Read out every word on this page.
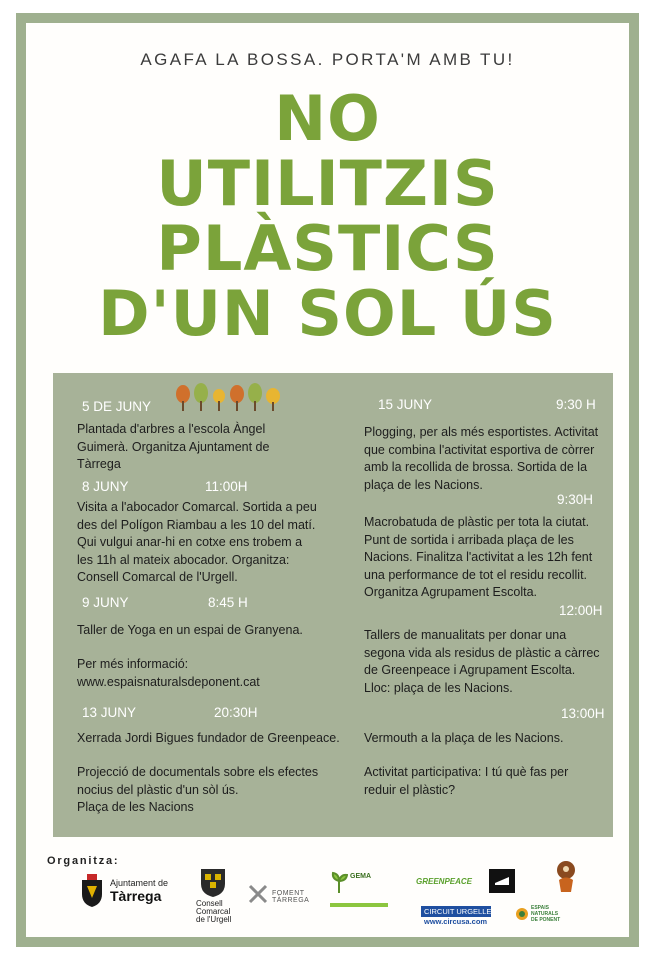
AGAFA LA BOSSA. PORTA'M AMB TU!
NO
UTILITZIS
PLÀSTICS
D'UN SOL ÚS
5 DE JUNY
Plantada d'arbres a l'escola Àngel
Guimerà. Organitza Ajuntament de
Tàrrega
8 JUNY	11:00H
Visita a l'abocador Comarcal. Sortida a peu
des del Polígon Riambau a les 10 del matí.
Qui vulgui anar-hi en cotxe ens trobem a
les 11h al mateix abocador. Organitza:
Consell Comarcal de l'Urgell.
9 JUNY	8:45 H
Taller de Yoga en un espai de Granyena.
Per més informació:
www.espaisnaturalsdeponent.cat
13 JUNY	20:30H
Xerrada Jordi Bigues fundador de Greenpeace.
Projecció de documentals sobre els efectes
nocius del plàstic d'un sòl ús.
Plaça de les Nacions
15 JUNY	9:30 H
Plogging, per als més esportistes. Activitat
que combina l'activitat esportiva de còrrer
amb la recollida de brossa. Sortida de la
plaça de les Nacions.
9:30H
Macrobatuda de plàstic per tota la ciutat.
Punt de sortida i arribada plaça de les
Nacions. Finalitza l'activitat a les 12h fent
una performance de tot el residu recollit.
Organitza Agrupament Escolta.
12:00H
Tallers de manualitats per donar una
segona vida als residus de plàstic a càrrec
de Greenpeace i Agrupament Escolta.
Lloc: plaça de les Nacions.
13:00H
Vermouth a la plaça de les Nacions.
Activitat participativa: I tú què fas per
reduir el plàstic?
Organitza:
Ajuntament de
Tàrrega	Consell
Comarcal
de l'Urgell
FOMENT TÀRREGA
GEMA
GREENPEACE
CIRCUIT URGELLENC
www.circusa.com
ESPAIS
NATURALS
DE PONENT
